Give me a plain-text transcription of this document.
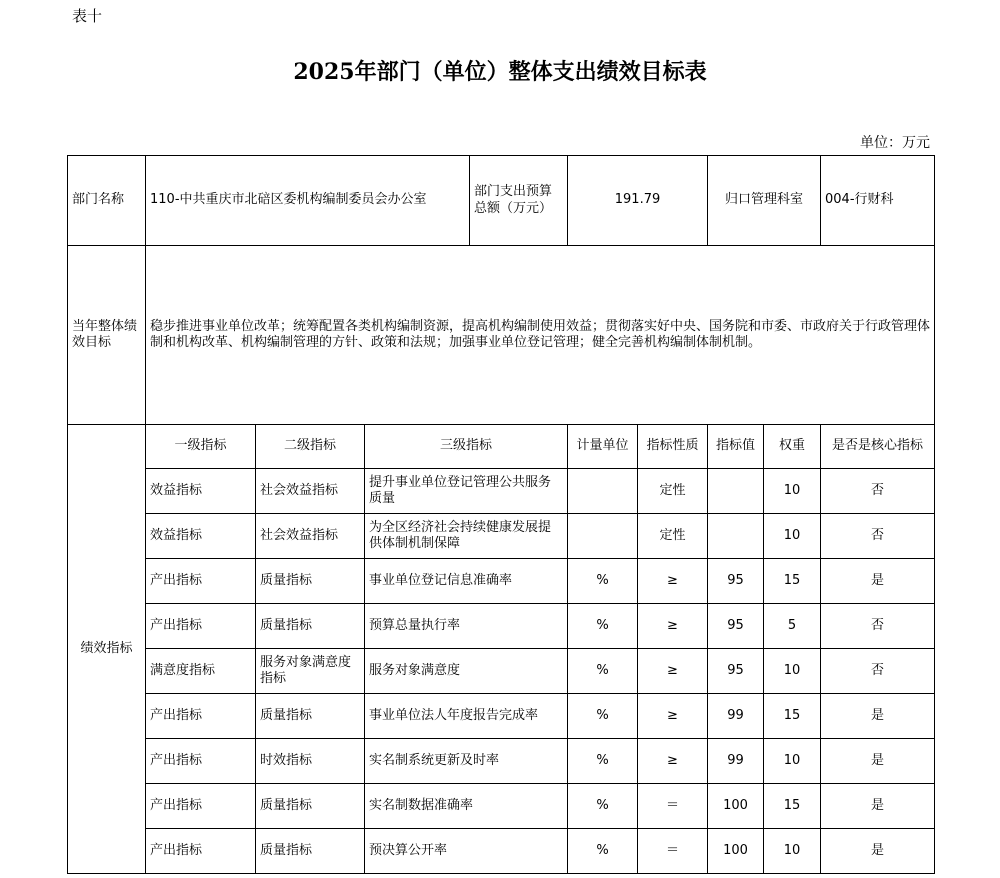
表十
2025年部门（单位）整体支出绩效目标表
单位：万元
部门名称	110-中共重庆市北碚区委机构编制委员会办公室			部门支出预算总额（万元）	191.79		归口管理科室		004-行财科
当年整体绩效目标	稳步推进事业单位改革；统筹配置各类机构编制资源，提高机构编制使用效益；贯彻落实好中央、国务院和市委、市政府关于行政管理体制和机构改革、机构编制管理的方针、政策和法规；加强事业单位登记管理；健全完善机构编制体制机制。								
绩效指标	一级指标	二级指标	三级指标		计量单位	指标性质	指标值	权重	是否是核心指标
	效益指标	社会效益指标	提升事业单位登记管理公共服务质量			定性		10	否
	效益指标	社会效益指标	为全区经济社会持续健康发展提供体制机制保障			定性		10	否
	产出指标	质量指标	事业单位登记信息准确率		%	≥	95	15	是
	产出指标	质量指标	预算总量执行率		%	≥	95	5	否
	满意度指标	服务对象满意度指标	服务对象满意度		%	≥	95	10	否
	产出指标	质量指标	事业单位法人年度报告完成率		%	≥	99	15	是
	产出指标	时效指标	实名制系统更新及时率		%	≥	99	10	是
	产出指标	质量指标	实名制数据准确率		%	＝	100	15	是
	产出指标	质量指标	预决算公开率		%	＝	100	10	是
